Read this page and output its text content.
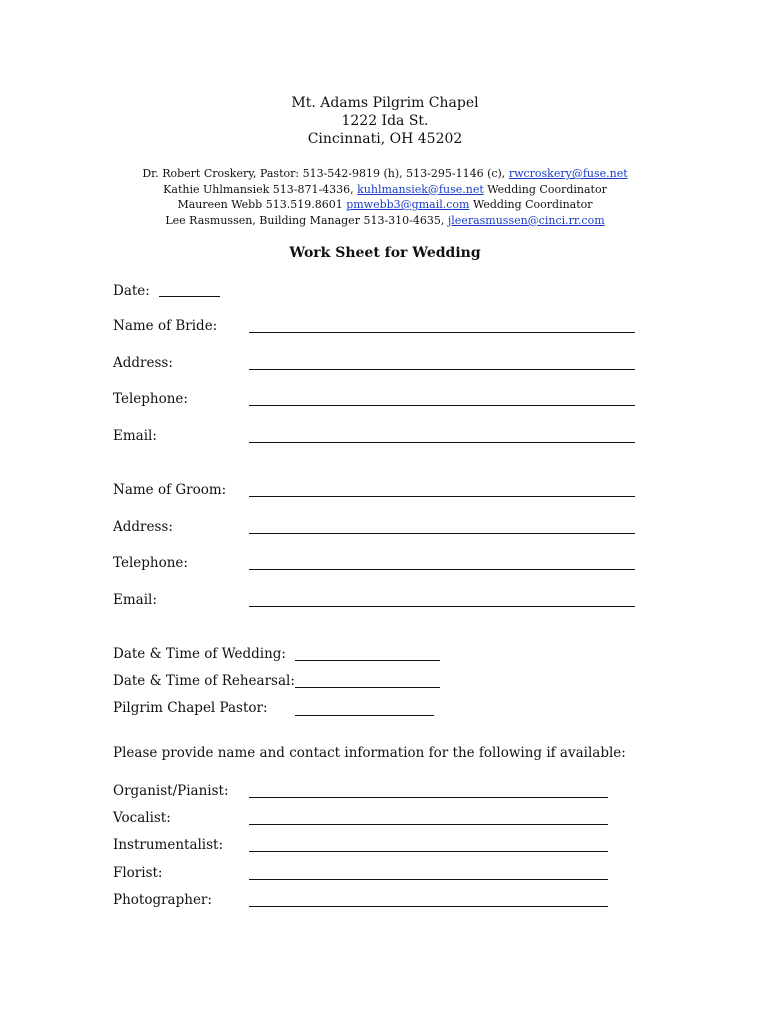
Mt. Adams Pilgrim Chapel
1222 Ida St.
Cincinnati, OH 45202
Dr. Robert Croskery, Pastor: 513-542-9819 (h), 513-295-1146 (c), rwcroskery@fuse.net
Kathie Uhlmansiek 513-871-4336, kuhlmansiek@fuse.net Wedding Coordinator
Maureen Webb 513.519.8601 pmwebb3@gmail.com Wedding Coordinator
Lee Rasmussen, Building Manager 513-310-4635, jleerasmussen@cinci.rr.com
Work Sheet for Wedding
Date:
Name of Bride:
Address:
Telephone:
Email:
Name of Groom:
Address:
Telephone:
Email:
Date & Time of Wedding:
Date & Time of Rehearsal:
Pilgrim Chapel Pastor:
Please provide name and contact information for the following if available:
Organist/Pianist:
Vocalist:
Instrumentalist:
Florist:
Photographer:
